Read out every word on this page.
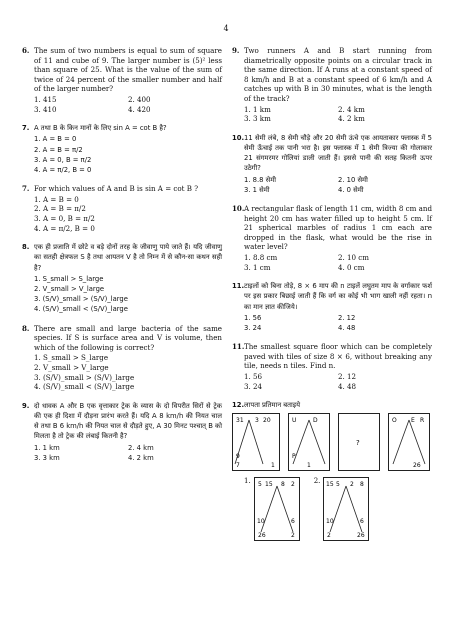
4
6. The sum of two numbers is equal to sum of square of 11 and cube of 9. The larger number is (5)² less than square of 25. What is the value of the sum of twice of 24 percent of the smaller number and half of the larger number?
1. 415	2. 400
3. 410	4. 420
7. A तथा B के किन मानों के लिए sin A = cot B है?
1. A = B = 0
2. A = B = π/2
3. A = 0, B = π/2
4. A = π/2, B = 0
7. For which values of A and B is sin A = cot B ?
1. A = B = 0
2. A = B = π/2
3. A = 0, B = π/2
4. A = π/2, B = 0
8. एक ही प्रजाति में छोटे व बड़े दोनों तरह के जीवाणु पाये जाते हैं। यदि जीवाणु का सतही क्षेत्रफल S है तथा आयतन V है तो निम्न में से कौन-सा कथन सही है?
1. S_small > S_large
2. V_small > V_large
3. (S/V)_small > (S/V)_large
4. (S/V)_small < (S/V)_large
8. There are small and large bacteria of the same species. If S is surface area and V is volume, then which of the following is correct?
1. S_small > S_large
2. V_small > V_large
3. (S/V)_small > (S/V)_large
4. (S/V)_small < (S/V)_large
9. दो धावक A और B एक वृत्ताकार ट्रेक के व्यास के दो विपरीत सिरों से ट्रेक की एक ही दिशा में दौड़ना प्रारंभ करते हैं। यदि A 8 km/h की नियत चाल से तथा B 6 km/h की नियत चाल से दौड़ते हुए, A 30 मिनट पश्चात् B को मिलता है तो ट्रेक की लंबाई कितनी है?
1. 1 km	2. 4 km
3. 3 km	4. 2 km
9. Two runners A and B start running from diametrically opposite points on a circular track in the same direction. If A runs at a constant speed of 8 km/h and B at a constant speed of 6 km/h and A catches up with B in 30 minutes, what is the length of the track?
1. 1 km	2. 4 km
3. 3 km	4. 2 km
10. 11 सेमी लंबे, 8 सेमी चौड़े और 20 सेमी ऊंचे एक आयताकार फ्लास्क में 5 सेमी ऊँचाई तक पानी भरा है। इस फ्लास्क में 1 सेमी त्रिज्या की गोलाकार 21 संगमरमर गोलियां डाली जाती हैं। इससे पानी की सतह कितनी ऊपर उठेगी?
1. 8.8 सेमी	2. 10 सेमी
3. 1 सेमी	4. 0 सेमी
10. A rectangular flask of length 11 cm, width 8 cm and height 20 cm has water filled up to height 5 cm. If 21 spherical marbles of radius 1 cm each are dropped in the flask, what would be the rise in water level?
1. 8.8 cm	2. 10 cm
3. 1 cm	4. 0 cm
11. टाइलों को बिना तोड़े, 8 × 6 माप की n टाइलें लघुतम माप के वर्गाकार फर्श पर इस प्रकार बिछाई जाती हैं कि वर्ग का कोई भी भाग खाली नहीं रहता। n का मान ज्ञात कीजिये।
1. 56	2. 12
3. 24	4. 48
11. The smallest square floor which can be completely paved with tiles of size 8 × 6, without breaking any tile, needs n tiles. Find n.
1. 56	2. 12
3. 24	4. 48
12. लापता प्रतिमान बताइये
31 3 20
9
7	1
U	D
P
1
?
O E R
26
1. 5 15 8 2
10	6
26	2
2. 15 5 2 8
10	6
2	26
